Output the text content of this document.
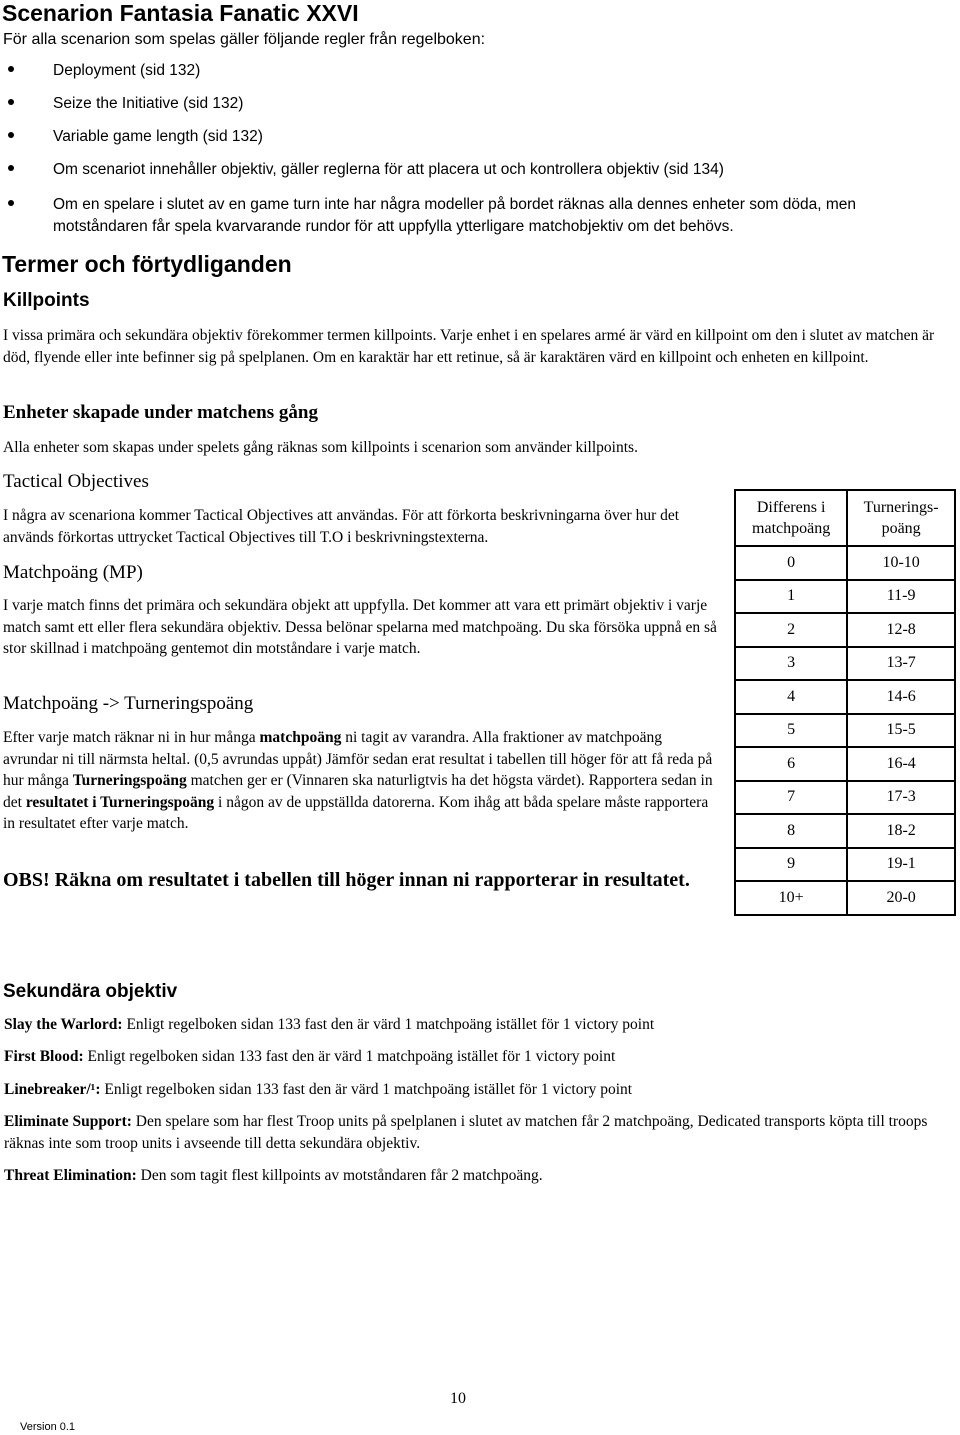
Scenarion Fantasia Fanatic XXVI
För alla scenarion som spelas gäller följande regler från regelboken:
Deployment (sid 132)
Seize the Initiative (sid 132)
Variable game length (sid 132)
Om scenariot innehåller objektiv, gäller reglerna för att placera ut och kontrollera objektiv (sid 134)
Om en spelare i slutet av en game turn inte har några modeller på bordet räknas alla dennes enheter som döda, men motståndaren får spela kvarvarande rundor för att uppfylla ytterligare matchobjektiv om det behövs.
Termer och förtydliganden
Killpoints
I vissa primära och sekundära objektiv förekommer termen killpoints. Varje enhet i en spelares armé är värd en killpoint om den i slutet av matchen är död, flyende eller inte befinner sig på spelplanen. Om en karaktär har ett retinue, så är karaktären värd en killpoint och enheten en killpoint.
Enheter skapade under matchens gång
Alla enheter som skapas under spelets gång räknas som killpoints i scenarion som använder killpoints.
Tactical Objectives
I några av scenariona kommer Tactical Objectives att användas. För att förkorta beskrivningarna över hur det används förkortas uttrycket Tactical Objectives till T.O i beskrivningstexterna.
Matchpoäng (MP)
I varje match finns det primära och sekundära objekt att uppfylla. Det kommer att vara ett primärt objektiv i varje match samt ett eller flera sekundära objektiv. Dessa belönar spelarna med matchpoäng. Du ska försöka uppnå en så stor skillnad i matchpoäng gentemot din motståndare i varje match.
Matchpoäng -> Turneringspoäng
Efter varje match räknar ni in hur många matchpoäng ni tagit av varandra. Alla fraktioner av matchpoäng avrundar ni till närmsta heltal. (0,5 avrundas uppåt) Jämför sedan erat resultat i tabellen till höger för att få reda på hur många Turneringspoäng matchen ger er (Vinnaren ska naturligtvis ha det högsta värdet). Rapportera sedan in det resultatet i Turneringspoäng i någon av de uppställda datorerna. Kom ihåg att båda spelare måste rapportera in resultatet efter varje match.
OBS! Räkna om resultatet i tabellen till höger innan ni rapporterar in resultatet.
Differens i
matchpoäng	Turnerings-
poäng
0	10-10
1	11-9
2	12-8
3	13-7
4	14-6
5	15-5
6	16-4
7	17-3
8	18-2
9	19-1
10+	20-0
Sekundära objektiv
Slay the Warlord: Enligt regelboken sidan 133 fast den är värd 1 matchpoäng istället för 1 victory point
First Blood: Enligt regelboken sidan 133 fast den är värd 1 matchpoäng istället för 1 victory point
Linebreaker/¹: Enligt regelboken sidan 133 fast den är värd 1 matchpoäng istället för 1 victory point
Eliminate Support: Den spelare som har flest Troop units på spelplanen i slutet av matchen får 2 matchpoäng, Dedicated transports köpta till troops räknas inte som troop units i avseende till detta sekundära objektiv.
Threat Elimination: Den som tagit flest killpoints av motståndaren får 2 matchpoäng.
10
Version 0.1
